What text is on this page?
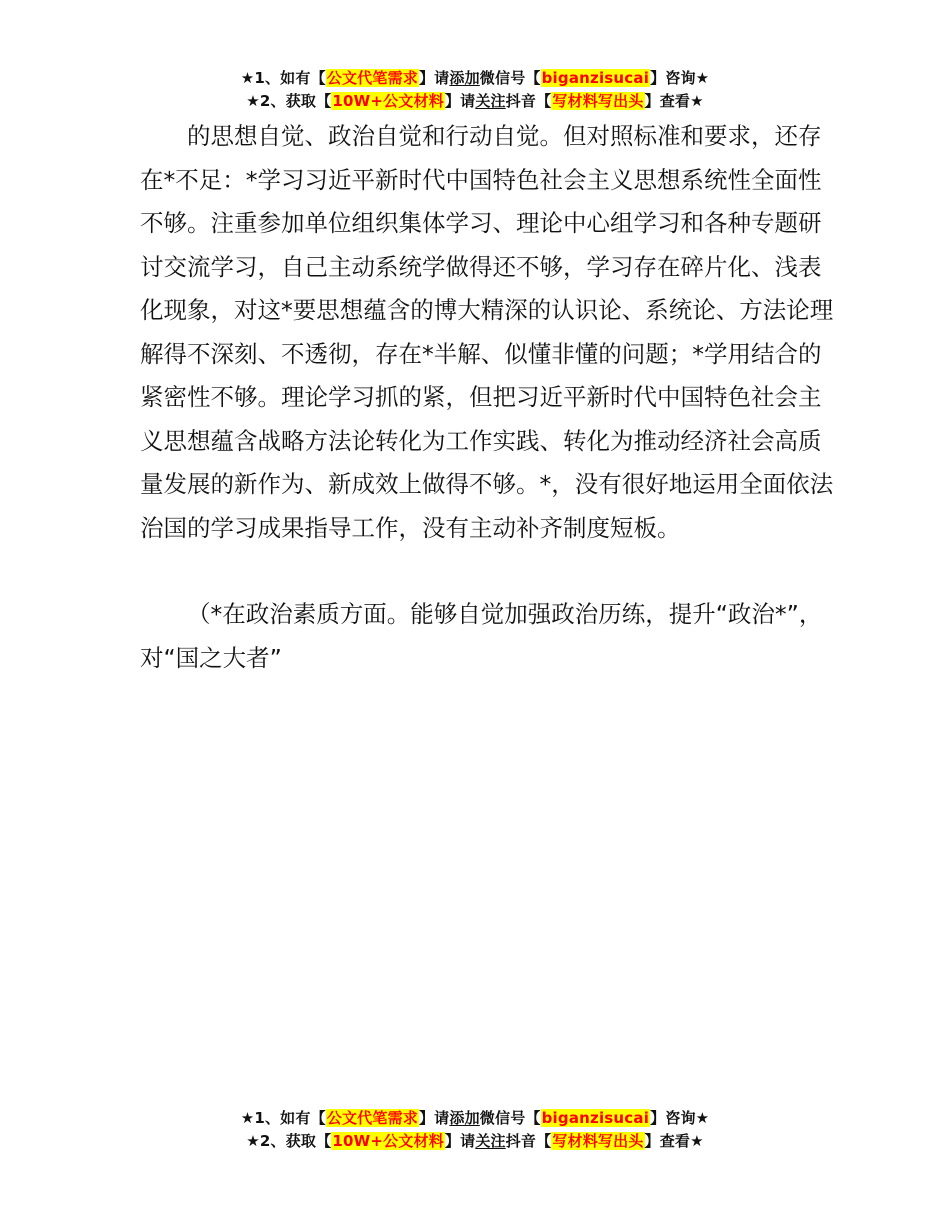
★1、如有【公文代笔需求】请添加微信号【biganzisucai】咨询★
★2、获取【10W+公文材料】请关注抖音【写材料写出头】查看★

的思想自觉、政治自觉和行动自觉。但对照标准和要求，还存在*不足：*学习习近平新时代中国特色社会主义思想系统性全面性不够。注重参加单位组织集体学习、理论中心组学习和各种专题研讨交流学习，自己主动系统学做得还不够，学习存在碎片化、浅表化现象，对这*要思想蕴含的博大精深的认识论、系统论、方法论理解得不深刻、不透彻，存在*半解、似懂非懂的问题；*学用结合的紧密性不够。理论学习抓的紧，但把习近平新时代中国特色社会主义思想蕴含战略方法论转化为工作实践、转化为推动经济社会高质量发展的新作为、新成效上做得不够。*，没有很好地运用全面依法治国的学习成果指导工作，没有主动补齐制度短板。

（*在政治素质方面。能够自觉加强政治历练，提升“政治*”，对“国之大者”

★1、如有【公文代笔需求】请添加微信号【biganzisucai】咨询★
★2、获取【10W+公文材料】请关注抖音【写材料写出头】查看★
